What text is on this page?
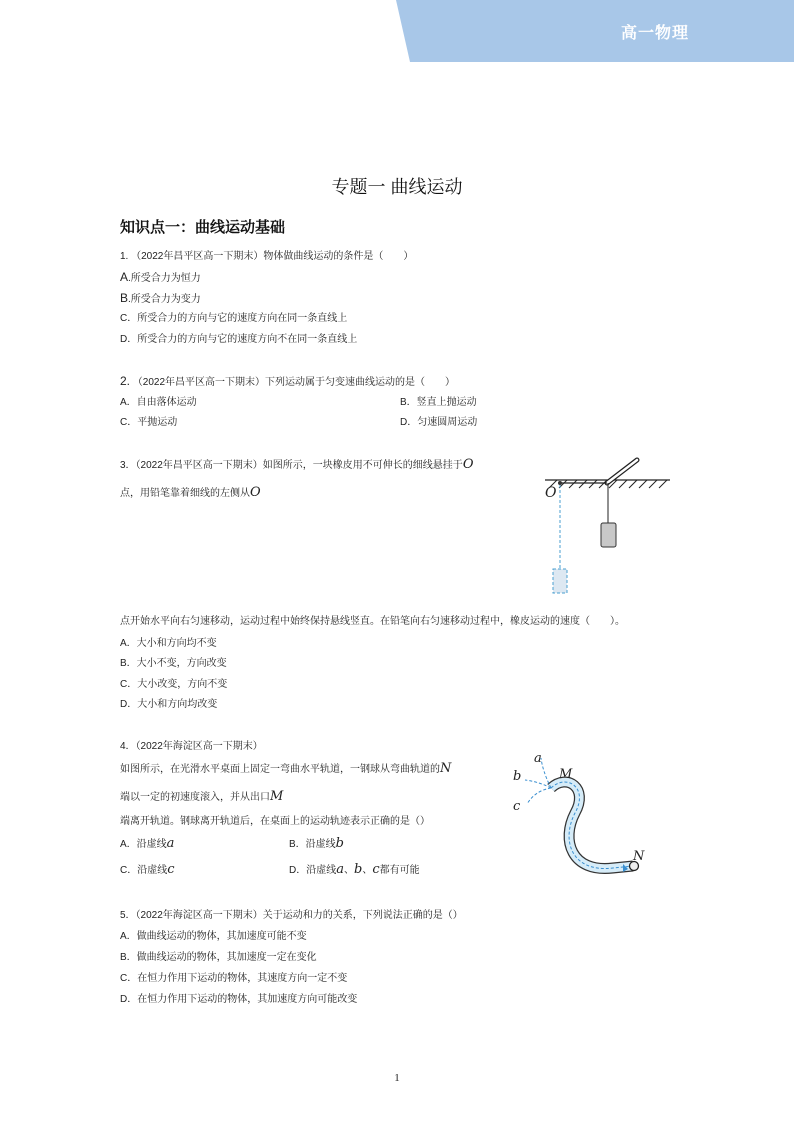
高一物理
专题一 曲线运动
知识点一：曲线运动基础
1. （2022年昌平区高一下期末）物体做曲线运动的条件是（　　）
A.所受合力为恒力
B.所受合力为变力
C．所受合力的方向与它的速度方向在同一条直线上
D．所受合力的方向与它的速度方向不在同一条直线上
2. （2022年昌平区高一下期末）下列运动属于匀变速曲线运动的是（　　）
A．自由落体运动	B．竖直上抛运动
C．平抛运动	D．匀速圆周运动
3．（2022年昌平区高一下期末）如图所示，一块橡皮用不可伸长的细线悬挂于O
点，用铅笔靠着细线的左侧从O
点开始水平向右匀速移动，运动过程中始终保持悬线竖直。在铅笔向右匀速移动过程中，橡皮运动的速度（　　）。
A．大小和方向均不变
B．大小不变，方向改变
C．大小改变，方向不变
D．大小和方向均改变
O
4．（2022年海淀区高一下期末）
如图所示，在光滑水平桌面上固定一弯曲水平轨道，一钢球从弯曲轨道的N
端以一定的初速度滚入，并从出口M
端离开轨道。钢球离开轨道后，在桌面上的运动轨迹表示正确的是（）
A．沿虚线a	B．沿虚线b
C．沿虚线c	D．沿虚线a、b、c都有可能
a
b
c
M
N
5．（2022年海淀区高一下期末）关于运动和力的关系，下列说法正确的是（）
A．做曲线运动的物体，其加速度可能不变
B．做曲线运动的物体，其加速度一定在变化
C．在恒力作用下运动的物体，其速度方向一定不变
D．在恒力作用下运动的物体，其加速度方向可能改变
1
